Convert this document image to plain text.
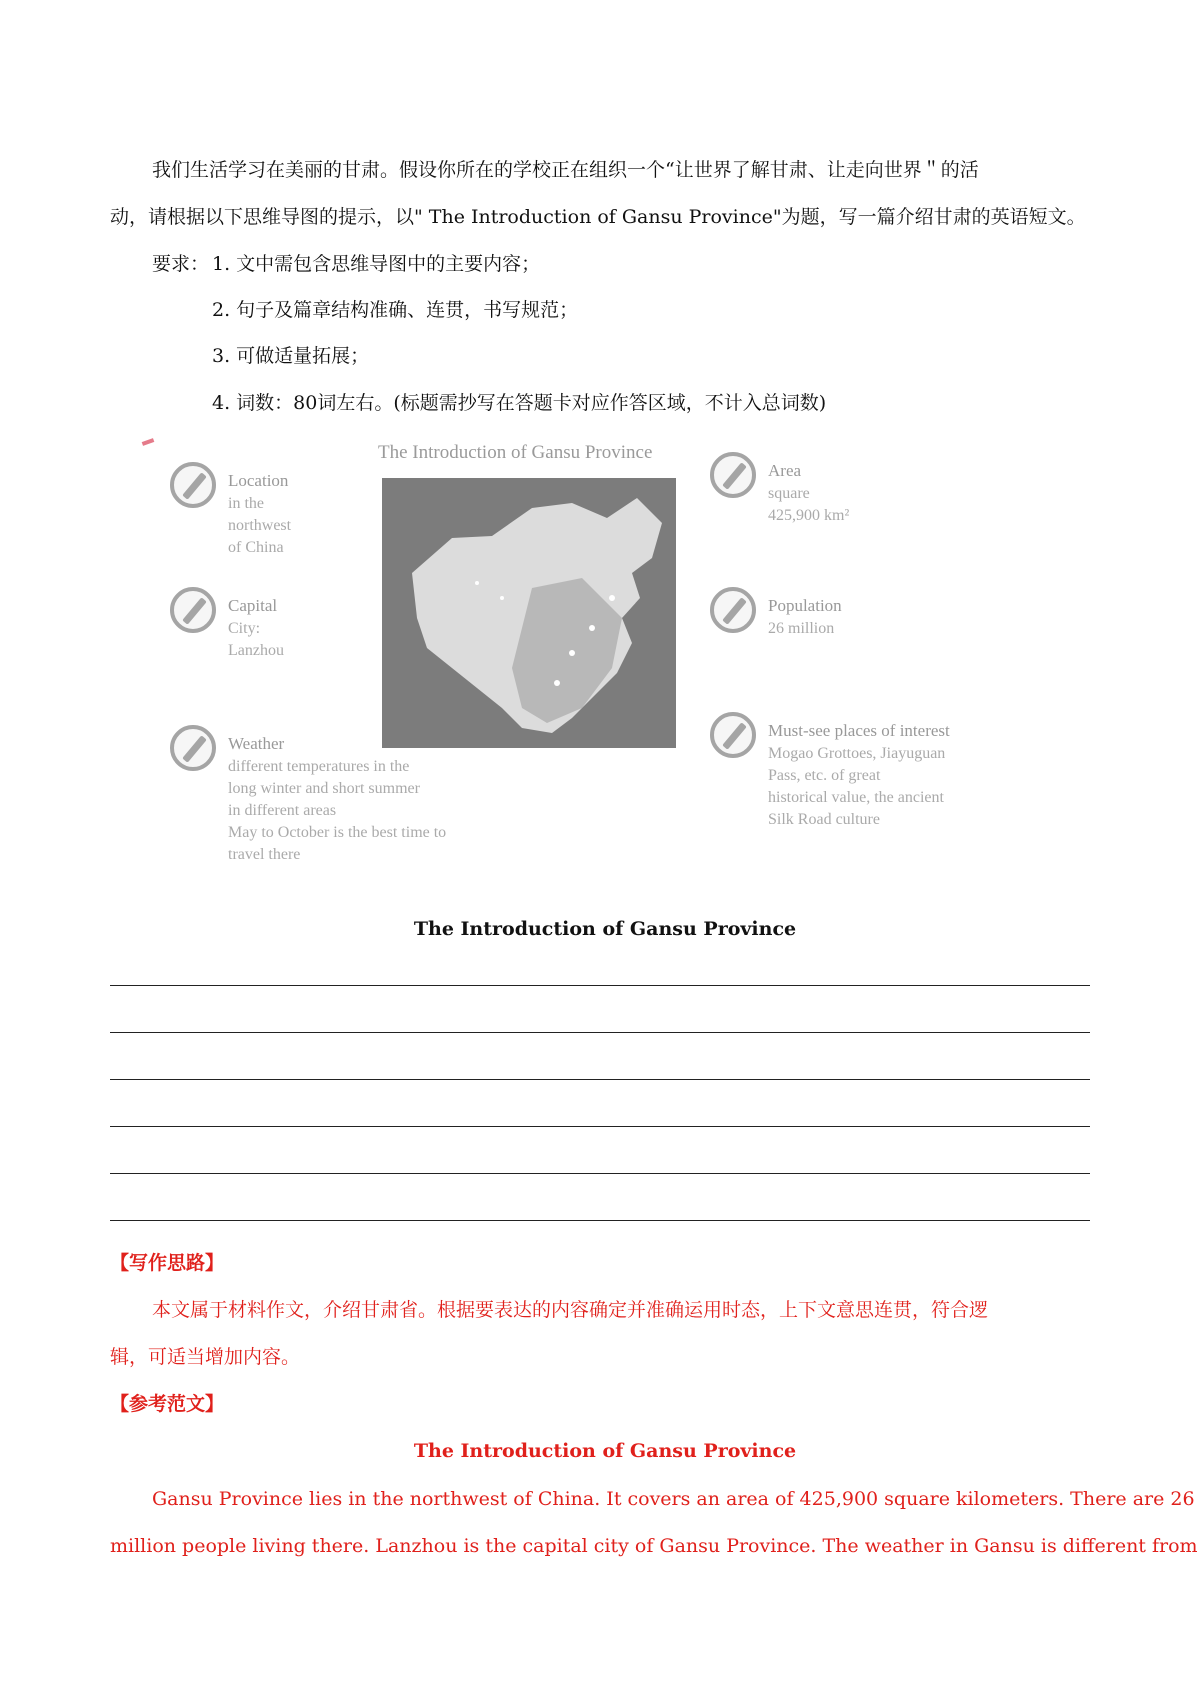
我们生活学习在美丽的甘肃。假设你所在的学校正在组织一个“让世界了解甘肃、让走向世界＂的活
动，请根据以下思维导图的提示，以" The Introduction of Gansu Province"为题，写一篇介绍甘肃的英语短文。
要求： 1. 文中需包含思维导图中的主要内容；
2. 句子及篇章结构准确、连贯，书写规范；
3. 可做适量拓展；
4. 词数：80词左右。(标题需抄写在答题卡对应作答区域，不计入总词数)
The Introduction of Gansu Province
Location
in the
northwest
of China
Capital
City:
Lanzhou
Weather
different temperatures in the
long winter and short summer
in different areas
May to October is the best time to
travel there
Area
square
425,900 km²
Population
26 million
Must-see places of interest
Mogao Grottoes, Jiayuguan
Pass, etc. of great
historical value, the ancient
Silk Road culture
The Introduction of Gansu Province
【写作思路】
本文属于材料作文，介绍甘肃省。根据要表达的内容确定并准确运用时态，上下文意思连贯，符合逻
辑，可适当增加内容。
【参考范文】
The Introduction of Gansu Province
Gansu Province lies in the northwest of China. It covers an area of 425,900 square kilometers. There are 26
million people living there. Lanzhou is the capital city of Gansu Province. The weather in Gansu is different from
